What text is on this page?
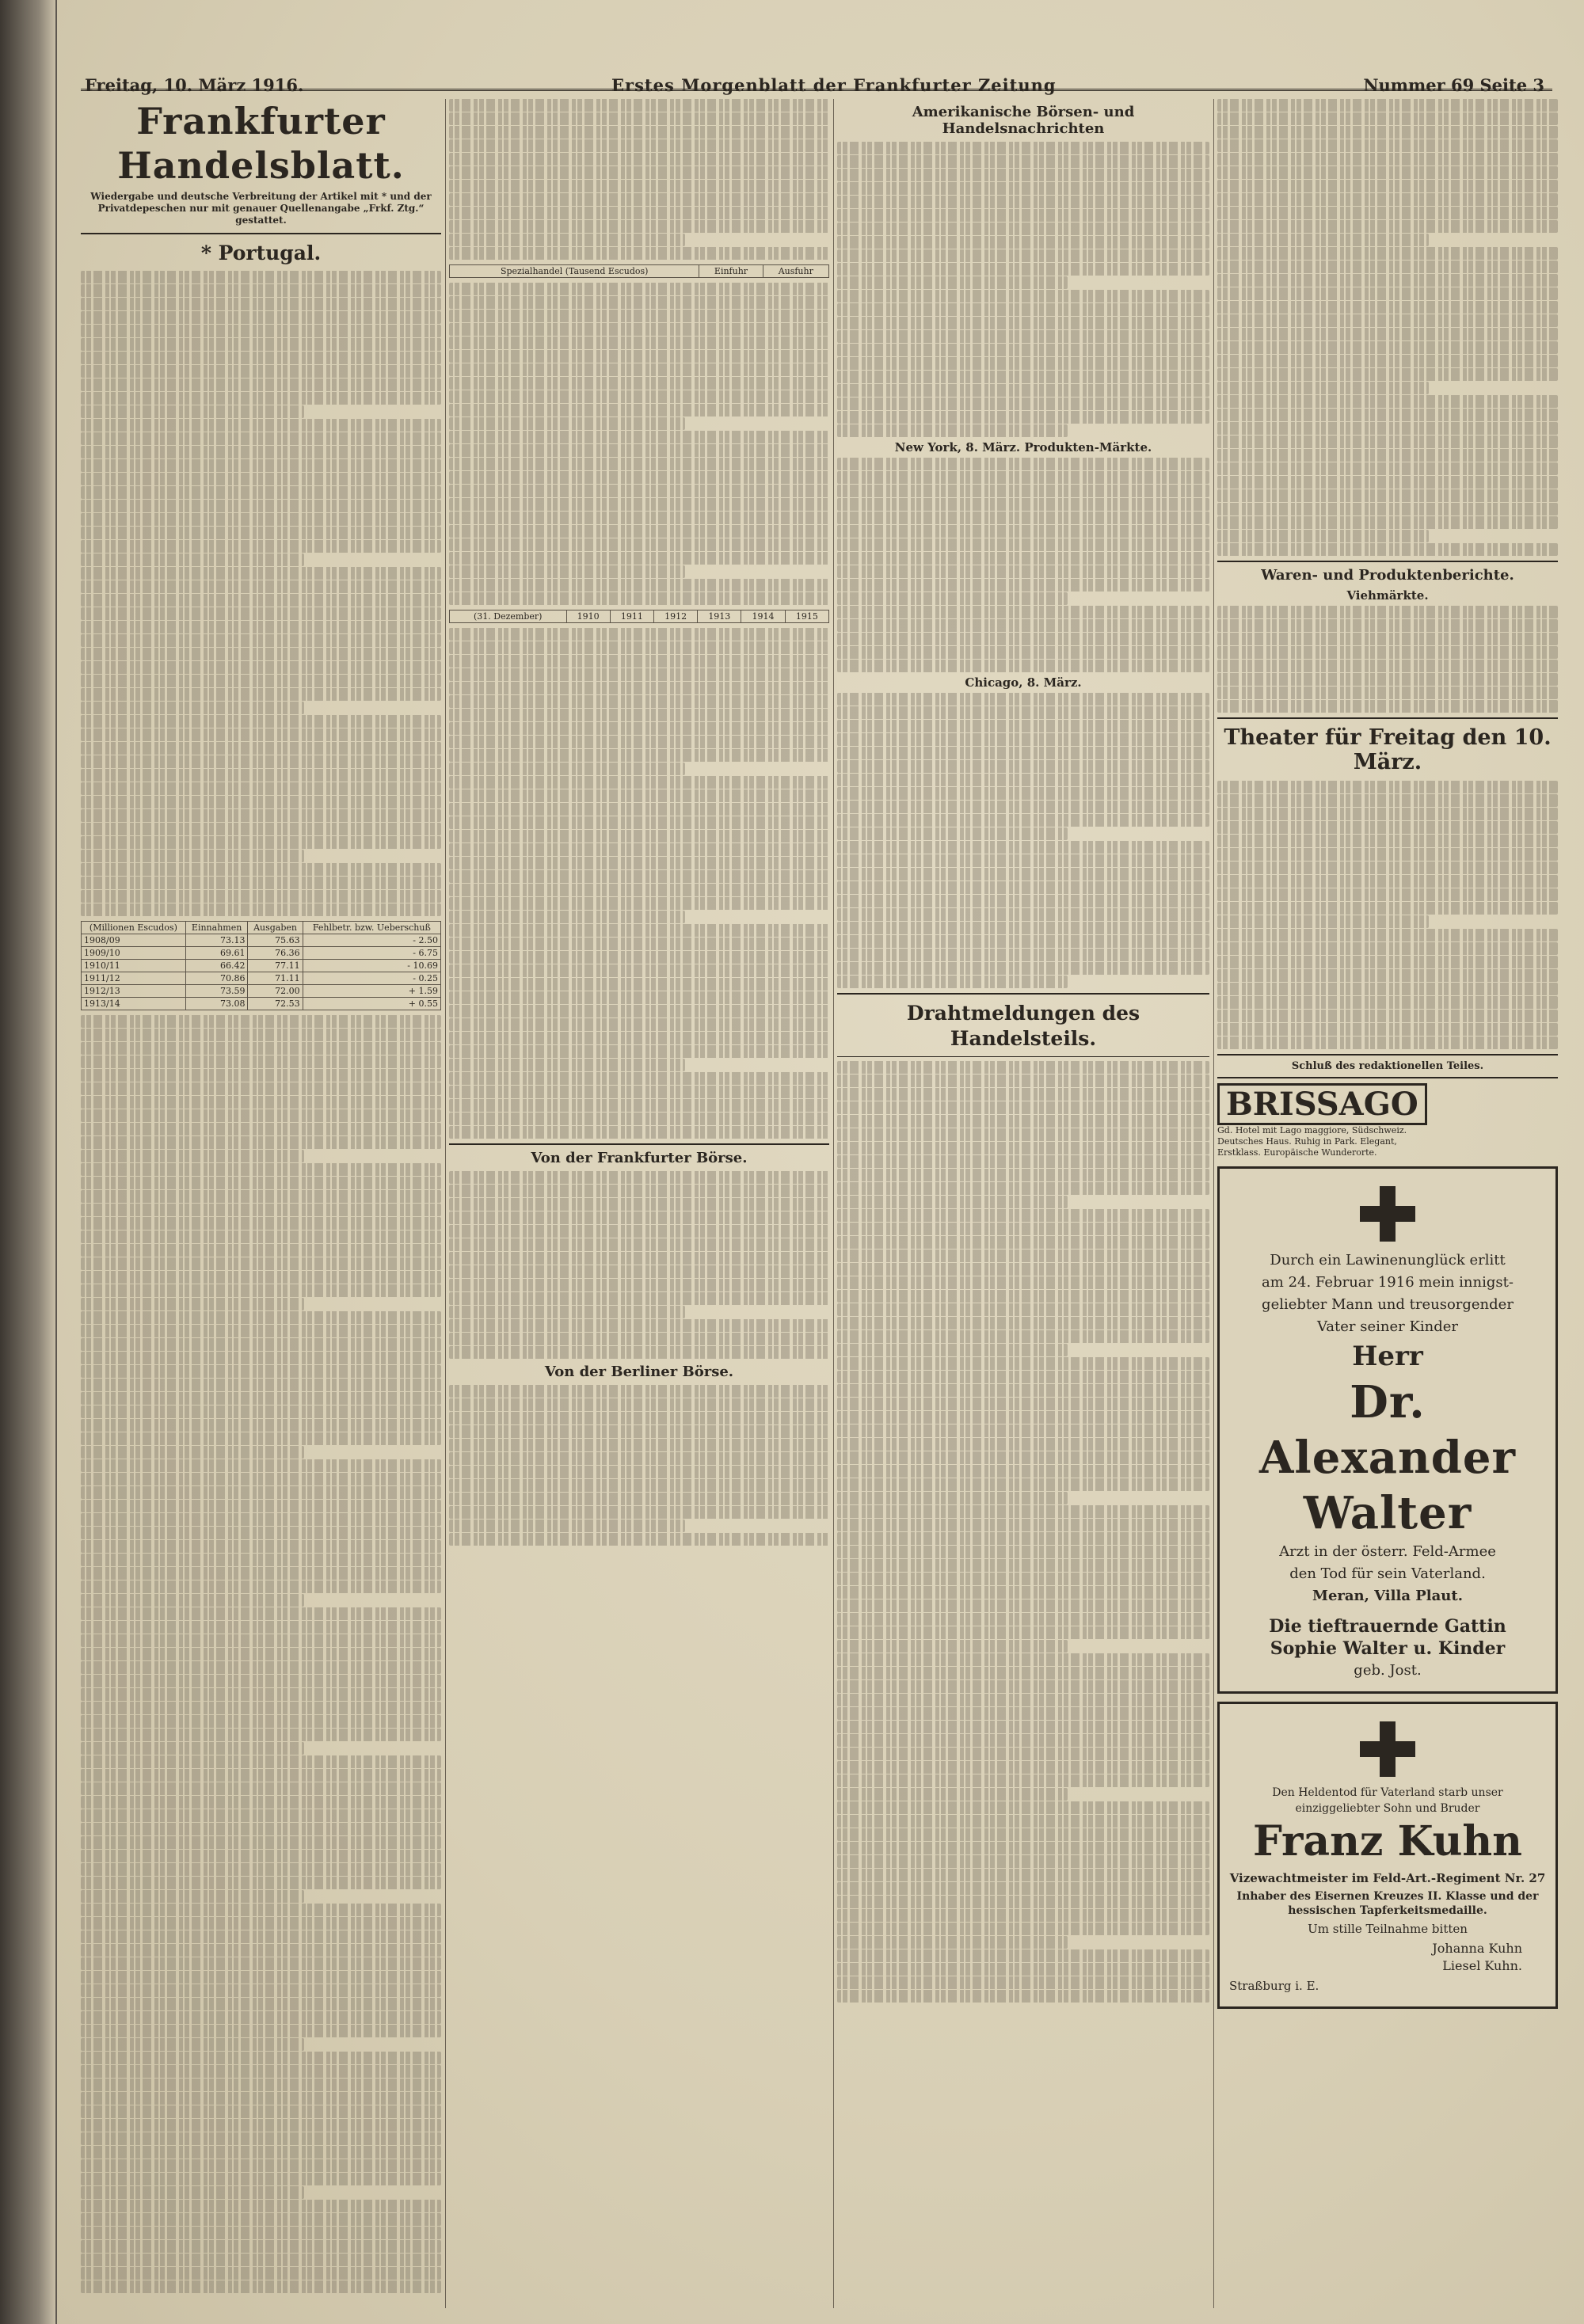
Freitag, 10. März 1916.	Erstes Morgenblatt der Frankfurter Zeitung	Nummer 69 Seite 3
Frankfurter Handelsblatt.
Wiedergabe und deutsche Verbreitung der Artikel mit * und der Privatdepeschen nur mit genauer Quellenangabe „Frkf. Ztg.“ gestattet.
* Portugal.
(Millionen Escudos)	Einnahmen	Ausgaben	Fehlbetr. bzw. Ueberschuß
1908/09	73.13	75.63	- 2.50
1909/10	69.61	76.36	- 6.75
1910/11	66.42	77.11	- 10.69
1911/12	70.86	71.11	- 0.25
1912/13	73.59	72.00	+ 1.59
1913/14	73.08	72.53	+ 0.55
Spezialhandel (Tausend Escudos)	Einfuhr	Ausfuhr
(31. Dezember)	1910	1911	1912	1913	1914	1915
Von der Frankfurter Börse.
Von der Berliner Börse.
Amerikanische Börsen- und Handelsnachrichten
New York, 8. März. Produkten-Märkte.
Chicago, 8. März.
Drahtmeldungen des Handelsteils.
Waren- und Produktenberichte.
Viehmärkte.
Theater für Freitag den 10. März.
Schluß des redaktionellen Teiles.
BRISSAGO Gd. Hotel mit Lago maggiore, Südschweiz. Deutsches Haus. Ruhig in Park. Elegant, Erstklass. Europäische Wunderorte.
Durch ein Lawinenunglück erlitt
am 24. Februar 1916 mein innigst-
geliebter Mann und treusorgender
Vater seiner Kinder
Herr
Dr. Alexander Walter
Arzt in der österr. Feld-Armee
den Tod für sein Vaterland.
Meran, Villa Plaut.
Die tieftrauernde Gattin
Sophie Walter u. Kinder
geb. Jost.
Den Heldentod für Vaterland starb unser
einziggeliebter Sohn und Bruder
Franz Kuhn
Vizewachtmeister im Feld-Art.-Regiment Nr. 27
Inhaber des Eisernen Kreuzes II. Klasse und der hessischen Tapferkeitsmedaille.
Um stille Teilnahme bitten
Johanna Kuhn
Liesel Kuhn.
Straßburg i. E.
